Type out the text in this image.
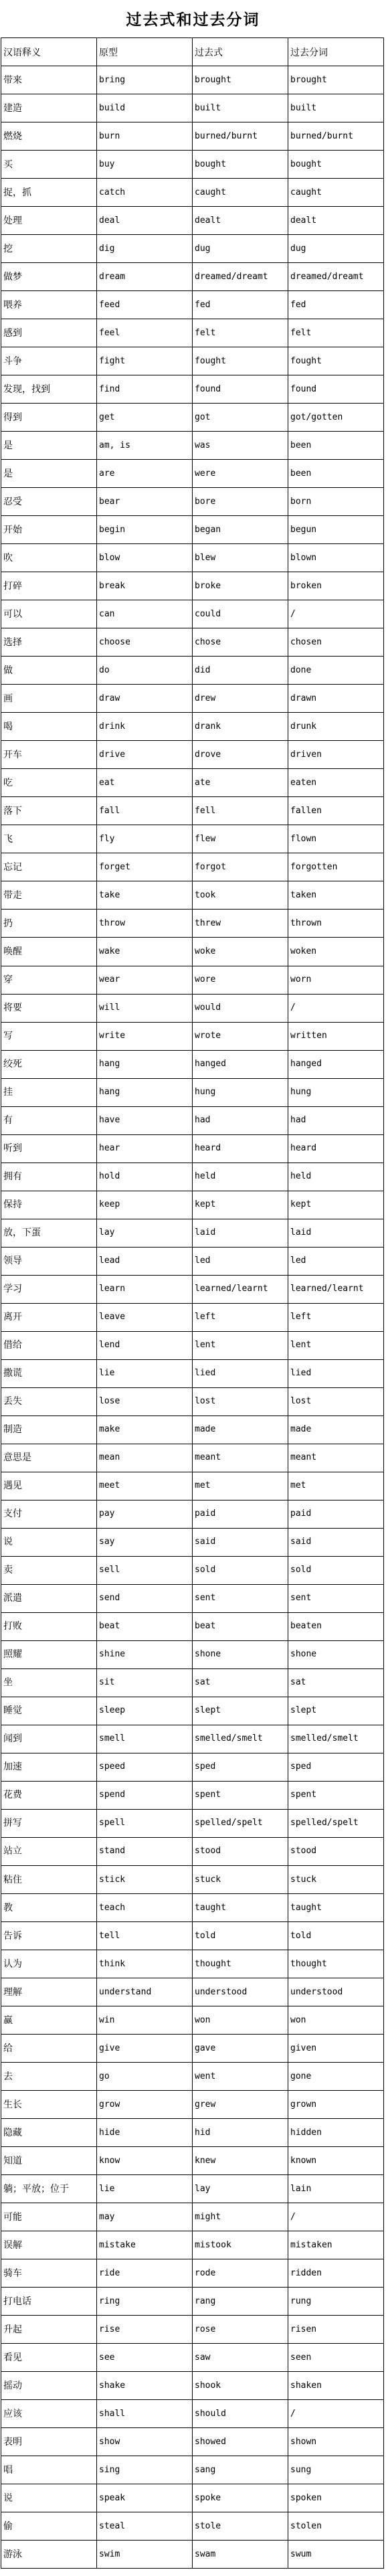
过去式和过去分词
汉语释义	原型	过去式	过去分词
带来	bring	brought	brought
建造	build	built	built
燃烧	burn	burned/burnt	burned/burnt
买	buy	bought	bought
捉，抓	catch	caught	caught
处理	deal	dealt	dealt
挖	dig	dug	dug
做梦	dream	dreamed/dreamt	dreamed/dreamt
喂养	feed	fed	fed
感到	feel	felt	felt
斗争	fight	fought	fought
发现，找到	find	found	found
得到	get	got	got/gotten
是	am, is	was	been
是	are	were	been
忍受	bear	bore	born
开始	begin	began	begun
吹	blow	blew	blown
打碎	break	broke	broken
可以	can	could	/
选择	choose	chose	chosen
做	do	did	done
画	draw	drew	drawn
喝	drink	drank	drunk
开车	drive	drove	driven
吃	eat	ate	eaten
落下	fall	fell	fallen
飞	fly	flew	flown
忘记	forget	forgot	forgotten
带走	take	took	taken
扔	throw	threw	thrown
唤醒	wake	woke	woken
穿	wear	wore	worn
将要	will	would	/
写	write	wrote	written
绞死	hang	hanged	hanged
挂	hang	hung	hung
有	have	had	had
听到	hear	heard	heard
拥有	hold	held	held
保持	keep	kept	kept
放，下蛋	lay	laid	laid
领导	lead	led	led
学习	learn	learned/learnt	learned/learnt
离开	leave	left	left
借给	lend	lent	lent
撒谎	lie	lied	lied
丢失	lose	lost	lost
制造	make	made	made
意思是	mean	meant	meant
遇见	meet	met	met
支付	pay	paid	paid
说	say	said	said
卖	sell	sold	sold
派遣	send	sent	sent
打败	beat	beat	beaten
照耀	shine	shone	shone
坐	sit	sat	sat
睡觉	sleep	slept	slept
闻到	smell	smelled/smelt	smelled/smelt
加速	speed	sped	sped
花费	spend	spent	spent
拼写	spell	spelled/spelt	spelled/spelt
站立	stand	stood	stood
粘住	stick	stuck	stuck
教	teach	taught	taught
告诉	tell	told	told
认为	think	thought	thought
理解	understand	understood	understood
赢	win	won	won
给	give	gave	given
去	go	went	gone
生长	grow	grew	grown
隐藏	hide	hid	hidden
知道	know	knew	known
躺；平放；位于	lie	lay	lain
可能	may	might	/
误解	mistake	mistook	mistaken
骑车	ride	rode	ridden
打电话	ring	rang	rung
升起	rise	rose	risen
看见	see	saw	seen
摇动	shake	shook	shaken
应该	shall	should	/
表明	show	showed	shown
唱	sing	sang	sung
说	speak	spoke	spoken
偷	steal	stole	stolen
游泳	swim	swam	swum
